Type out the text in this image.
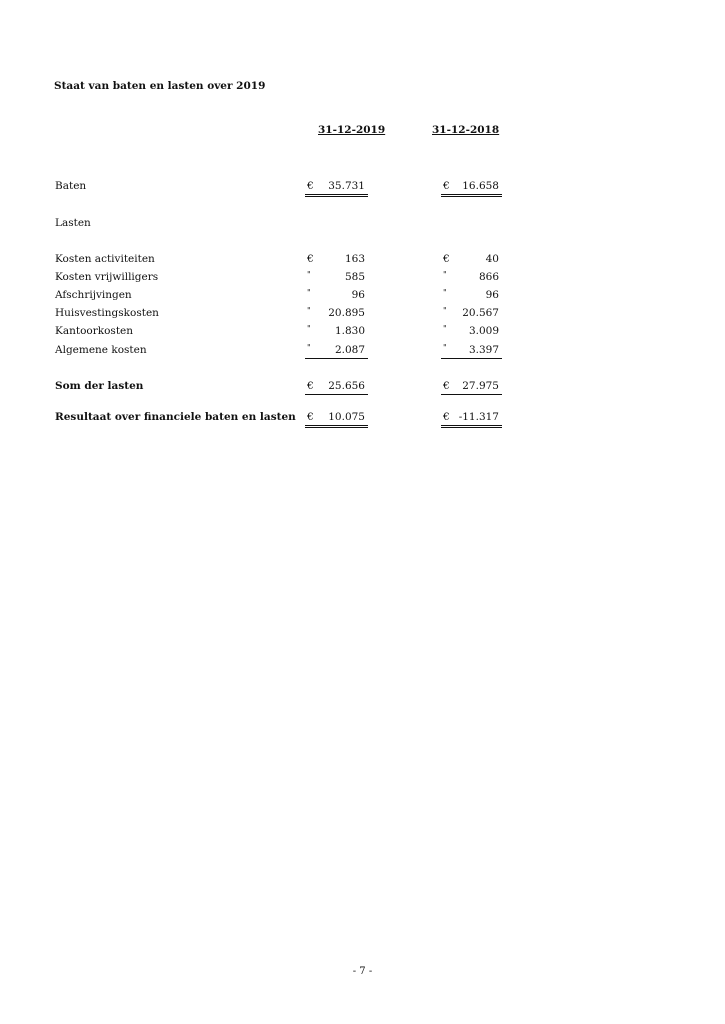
Staat van baten en lasten over 2019
31-12-2019	31-12-2018
Baten	€ 35.731	€ 16.658
Lasten
Kosten activiteiten	€	163	€	40
Kosten vrijwilligers	"	585	"	866
Afschrijvingen	"	96	"	96
Huisvestingskosten	" 20.895	" 20.567
Kantoorkosten	" 1.830	" 3.009
Algemene kosten	" 2.087	" 3.397
Som der lasten	€ 25.656	€ 27.975
Resultaat over financiele baten en lasten € 10.075	€ -11.317
- 7 -
